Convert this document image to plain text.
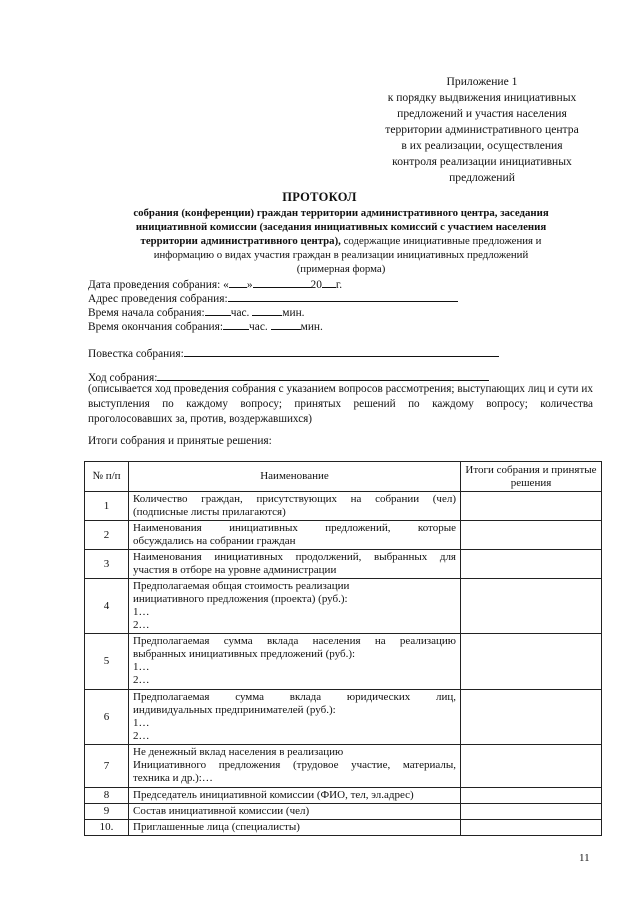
Приложение 1
к порядку выдвижения инициативных
предложений и участия населения
территории административного центра
в их реализации, осуществления
контроля реализации инициативных
предложений
ПРОТОКОЛ
собрания (конференции) граждан территории административного центра, заседания
инициативной комиссии (заседания инициативных комиссий с участием населения
территории административного центра), содержащие инициативные предложения и
информацию о видах участия граждан в реализации инициативных предложений
(примерная форма)
Дата проведения собрания: « »	20 г.
Адрес проведения собрания:
Время начала собрания: час.	мин.
Время окончания собрания: час.	мин.
Повестка собрания:
Ход собрания:
(описывается ход проведения собрания с указанием вопросов рассмотрения; выступающих лиц и сути их выступления по каждому вопросу; принятых решений по каждому вопросу; количества проголосовавших за, против, воздержавшихся)
Итоги собрания и принятые решения:
№ п/п	Наименование	Итоги собрания и принятые решения
1	Количество граждан, присутствующих на собрании (чел)
(подписные листы прилагаются)	

2	Наименования инициативных предложений, которые
обсуждались на собрании граждан	

3	Наименования инициативных продолжений, выбранных для
участия в отборе на уровне администрации	

4	Предполагаемая общая стоимость реализации
инициативного предложения (проекта) (руб.):
1…
2…	

5	Предполагаемая сумма вклада населения на реализацию
выбранных инициативных предложений (руб.):
1…
2…	

6	Предполагаемая сумма вклада юридических лиц,
индивидуальных предпринимателей (руб.):
1…
2…	

7	Не денежный вклад населения в реализацию
Инициативного предложения (трудовое участие, материалы,
техника и др.):…	

8	Председатель инициативной комиссии (ФИО, тел, эл.адрес)	
9	Состав инициативной комиссии (чел)	
10.	Приглашенные лица (специалисты)	
11
